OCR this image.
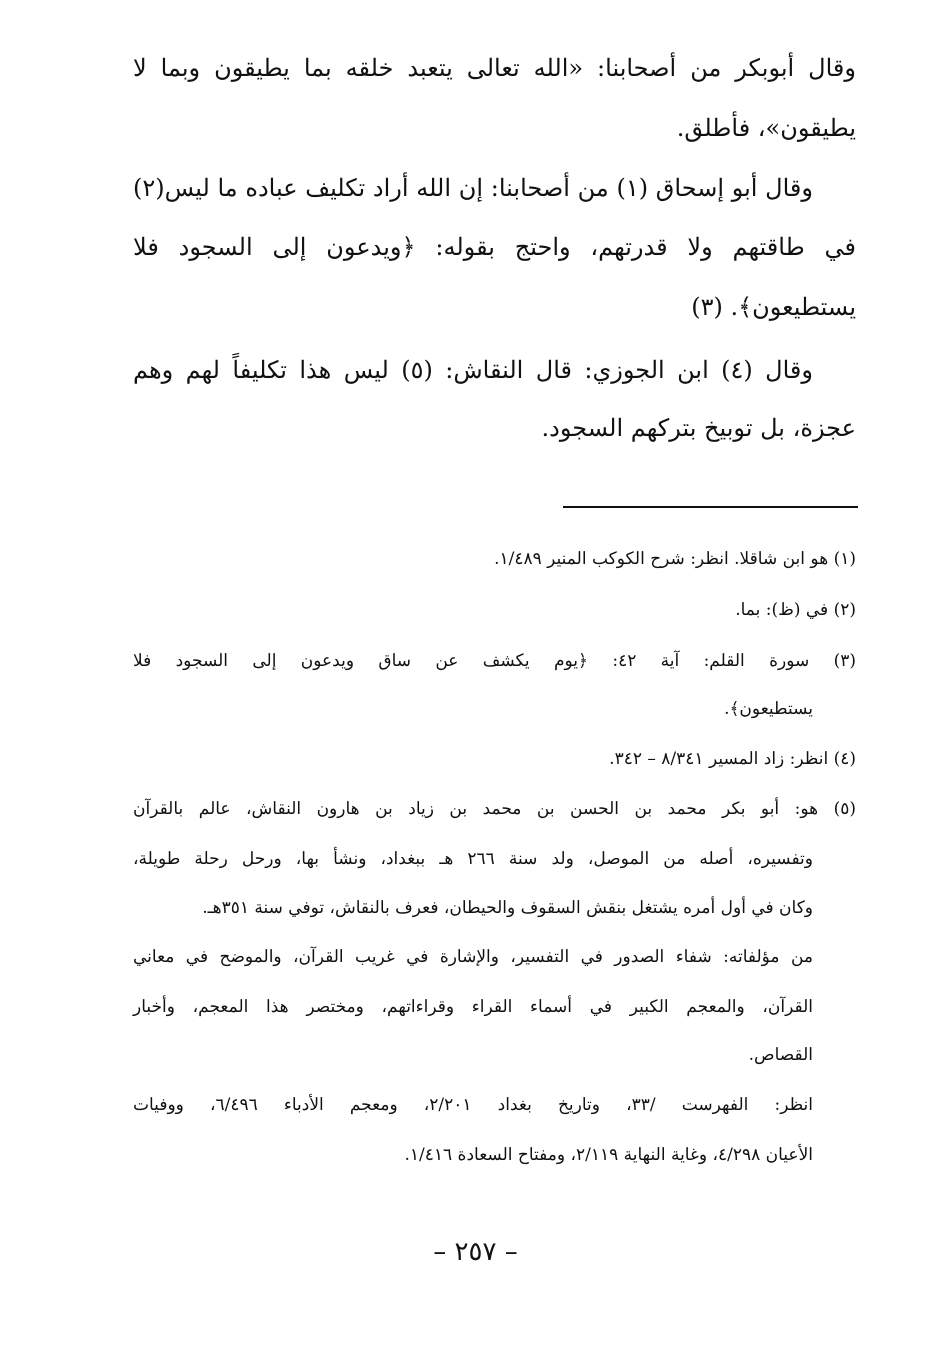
وقال أبوبكر من أصحابنا: «الله تعالى يتعبد خلقه بما يطيقون وبما لا
يطيقون»، فأطلق.
وقال أبو إسحاق (١) من أصحابنا: إن الله أراد تكليف عباده ما ليس(٢)
في طاقتهم ولا قدرتهم، واحتج بقوله: ﴿ويدعون إلى السجود فلا
يستطيعون﴾. (٣)
وقال (٤) ابن الجوزي: قال النقاش: (٥) ليس هذا تكليفاً لهم وهم
عجزة، بل توبيخ بتركهم السجود.
(١) هو ابن شاقلا. انظر: شرح الكوكب المنير ١/٤٨٩.
(٢) في (ظ): بما.
(٣) سورة القلم: آية ٤٢: ﴿يوم يكشف عن ساق ويدعون إلى السجود فلا
يستطيعون﴾.
(٤) انظر: زاد المسير ٨/٣٤١ – ٣٤٢.
(٥) هو: أبو بكر محمد بن الحسن بن محمد بن زياد بن هارون النقاش، عالم بالقرآن
وتفسيره، أصله من الموصل، ولد سنة ٢٦٦ هـ ببغداد، ونشأ بها، ورحل رحلة طويلة،
وكان في أول أمره يشتغل بنقش السقوف والحيطان، فعرف بالنقاش، توفي سنة ٣٥١هـ.
من مؤلفاته: شفاء الصدور في التفسير، والإشارة في غريب القرآن، والموضح في معاني
القرآن، والمعجم الكبير في أسماء القراء وقراءاتهم، ومختصر هذا المعجم، وأخبار
القصاص.
انظر: الفهرست /٣٣، وتاريخ بغداد ٢/٢٠١، ومعجم الأدباء ٦/٤٩٦، ووفيات
الأعيان ٤/٢٩٨، وغاية النهاية ٢/١١٩، ومفتاح السعادة ١/٤١٦.
– ٢٥٧ –
